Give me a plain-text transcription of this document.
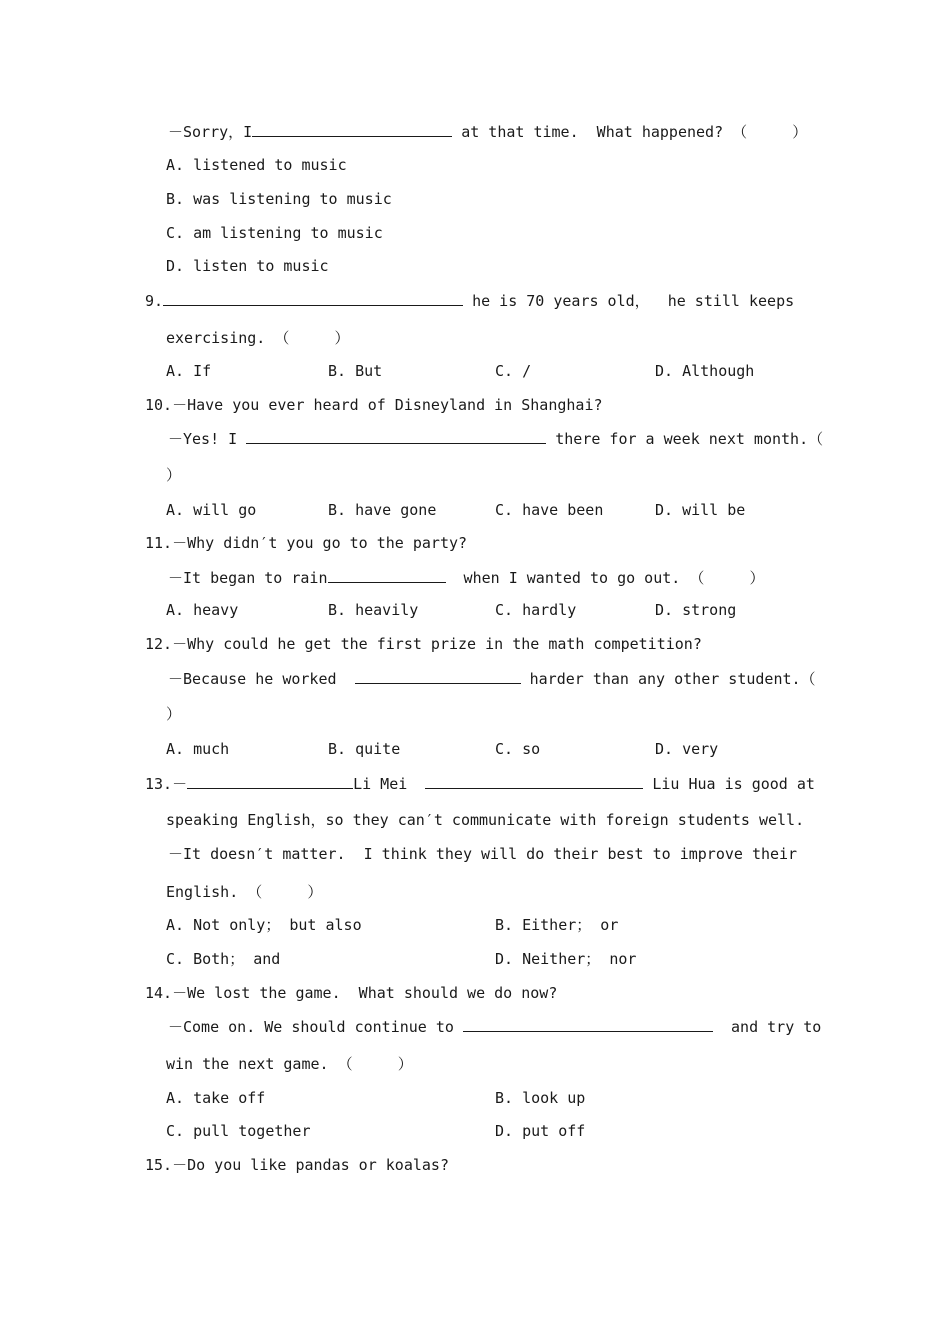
－Sorry，I	at that time.  What happened? （     ）
A. listened to music
B. was listening to music
C. am listening to music
D. listen to music
9.	he is 70 years old，  he still keeps
exercising. （     ）
A. If	B. But	C. /	D. Although
10.－Have you ever heard of Disneyland in Shanghai?
－Yes! I	there for a week next month.（
）
A. will go	B. have gone	C. have been	D. will be
11.－Why didn′t you go to the party?
－It began to rain	when I wanted to go out. （     ）
A. heavy	B. heavily	C. hardly	D. strong
12.－Why could he get the first prize in the math competition?
－Because he worked	harder than any other student.（
）
A. much	B. quite	C. so	D. very
13.－	Li Mei	Liu Hua is good at
speaking English，so they can′t communicate with foreign students well.
－It doesn′t matter.  I think they will do their best to improve their
English. （     ）
A. Not only； but also	B. Either； or
C. Both； and	D. Neither； nor
14.－We lost the game.  What should we do now?
－Come on. We should continue to	and try to
win the next game. （     ）
A. take off	B. look up
C. pull together	D. put off
15.－Do you like pandas or koalas?
